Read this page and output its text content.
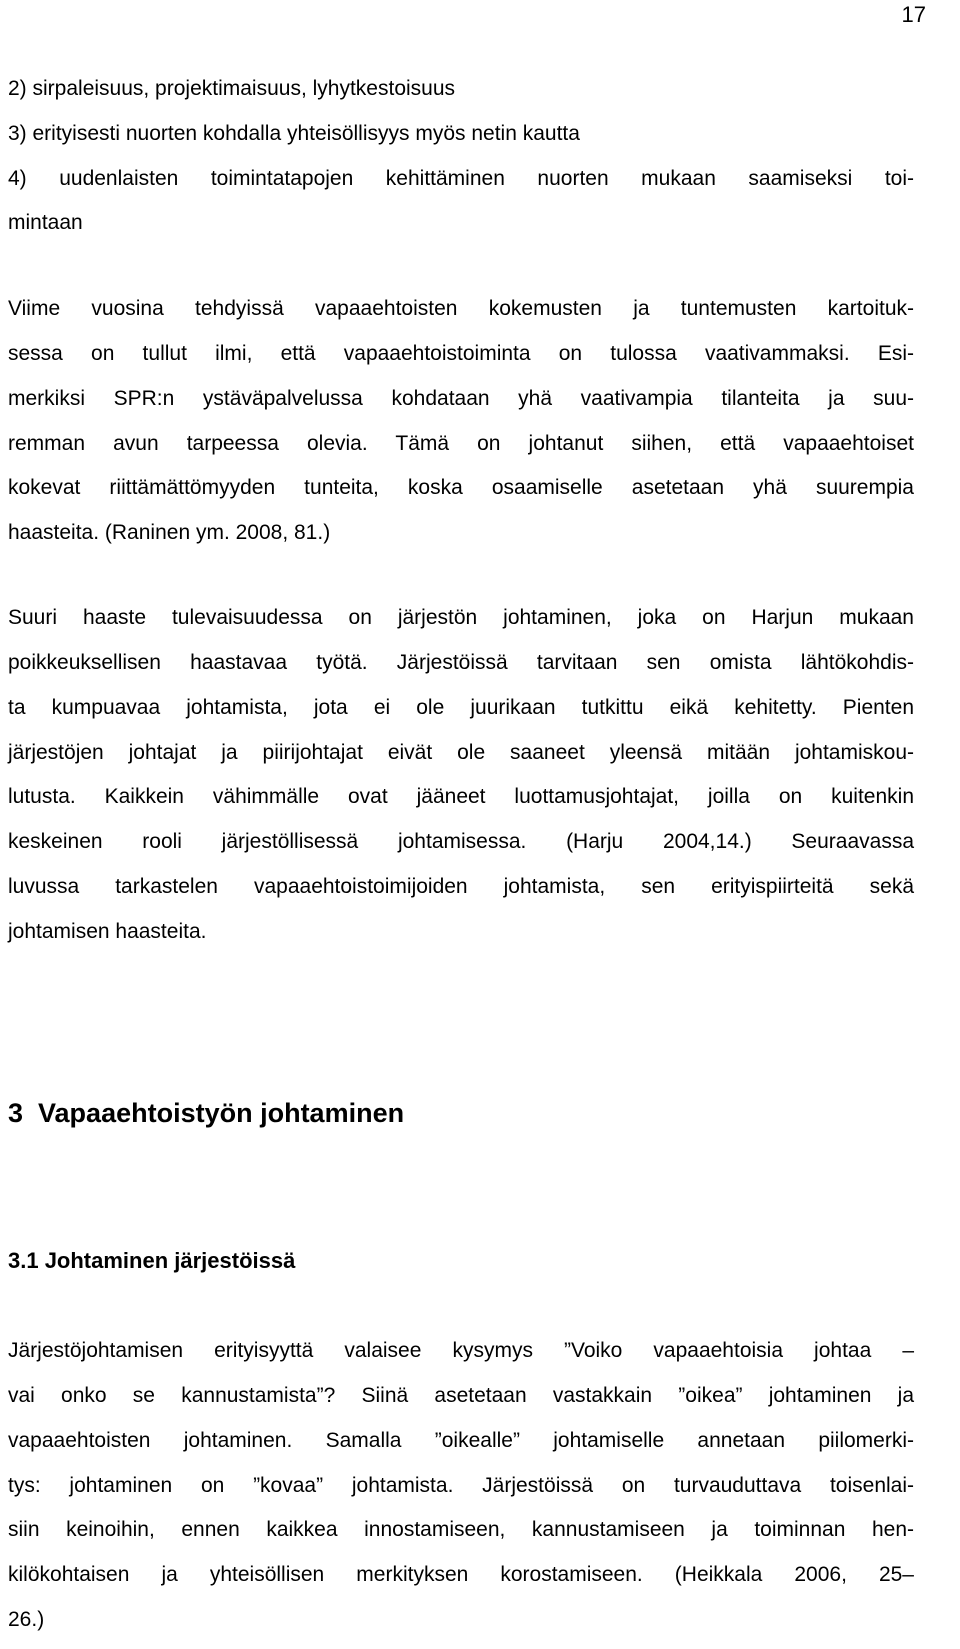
17
2) sirpaleisuus, projektimaisuus, lyhytkestoisuus
3) erityisesti nuorten kohdalla yhteisöllisyys myös netin kautta
4) uudenlaisten toimintatapojen kehittäminen nuorten mukaan saamiseksi toi-
mintaan
Viime vuosina tehdyissä vapaaehtoisten kokemusten ja tuntemusten kartoituk-
sessa on tullut ilmi, että vapaaehtoistoiminta on tulossa vaativammaksi. Esi-
merkiksi SPR:n ystäväpalvelussa kohdataan yhä vaativampia tilanteita ja suu-
remman avun tarpeessa olevia. Tämä on johtanut siihen, että vapaaehtoiset
kokevat riittämättömyyden tunteita, koska osaamiselle asetetaan yhä suurempia
haasteita. (Raninen ym. 2008, 81.)
Suuri haaste tulevaisuudessa on järjestön johtaminen, joka on Harjun mukaan
poikkeuksellisen haastavaa työtä. Järjestöissä tarvitaan sen omista lähtökohdis-
ta kumpuavaa johtamista, jota ei ole juurikaan tutkittu eikä kehitetty. Pienten
järjestöjen johtajat ja piirijohtajat eivät ole saaneet yleensä mitään johtamiskou-
lutusta. Kaikkein vähimmälle ovat jääneet luottamusjohtajat, joilla on kuitenkin
keskeinen rooli järjestöllisessä johtamisessa. (Harju 2004,14.) Seuraavassa
luvussa tarkastelen vapaaehtoistoimijoiden johtamista, sen erityispiirteitä sekä
johtamisen haasteita.
3  Vapaaehtoistyön johtaminen
3.1 Johtaminen järjestöissä
Järjestöjohtamisen erityisyyttä valaisee kysymys ”Voiko vapaaehtoisia johtaa –
vai onko se kannustamista”? Siinä asetetaan vastakkain ”oikea” johtaminen ja
vapaaehtoisten johtaminen. Samalla ”oikealle” johtamiselle annetaan piilomerki-
tys: johtaminen on ”kovaa” johtamista. Järjestöissä on turvauduttava toisenlai-
siin keinoihin, ennen kaikkea innostamiseen, kannustamiseen ja toiminnan hen-
kilökohtaisen ja yhteisöllisen merkityksen korostamiseen. (Heikkala 2006, 25–
26.)
